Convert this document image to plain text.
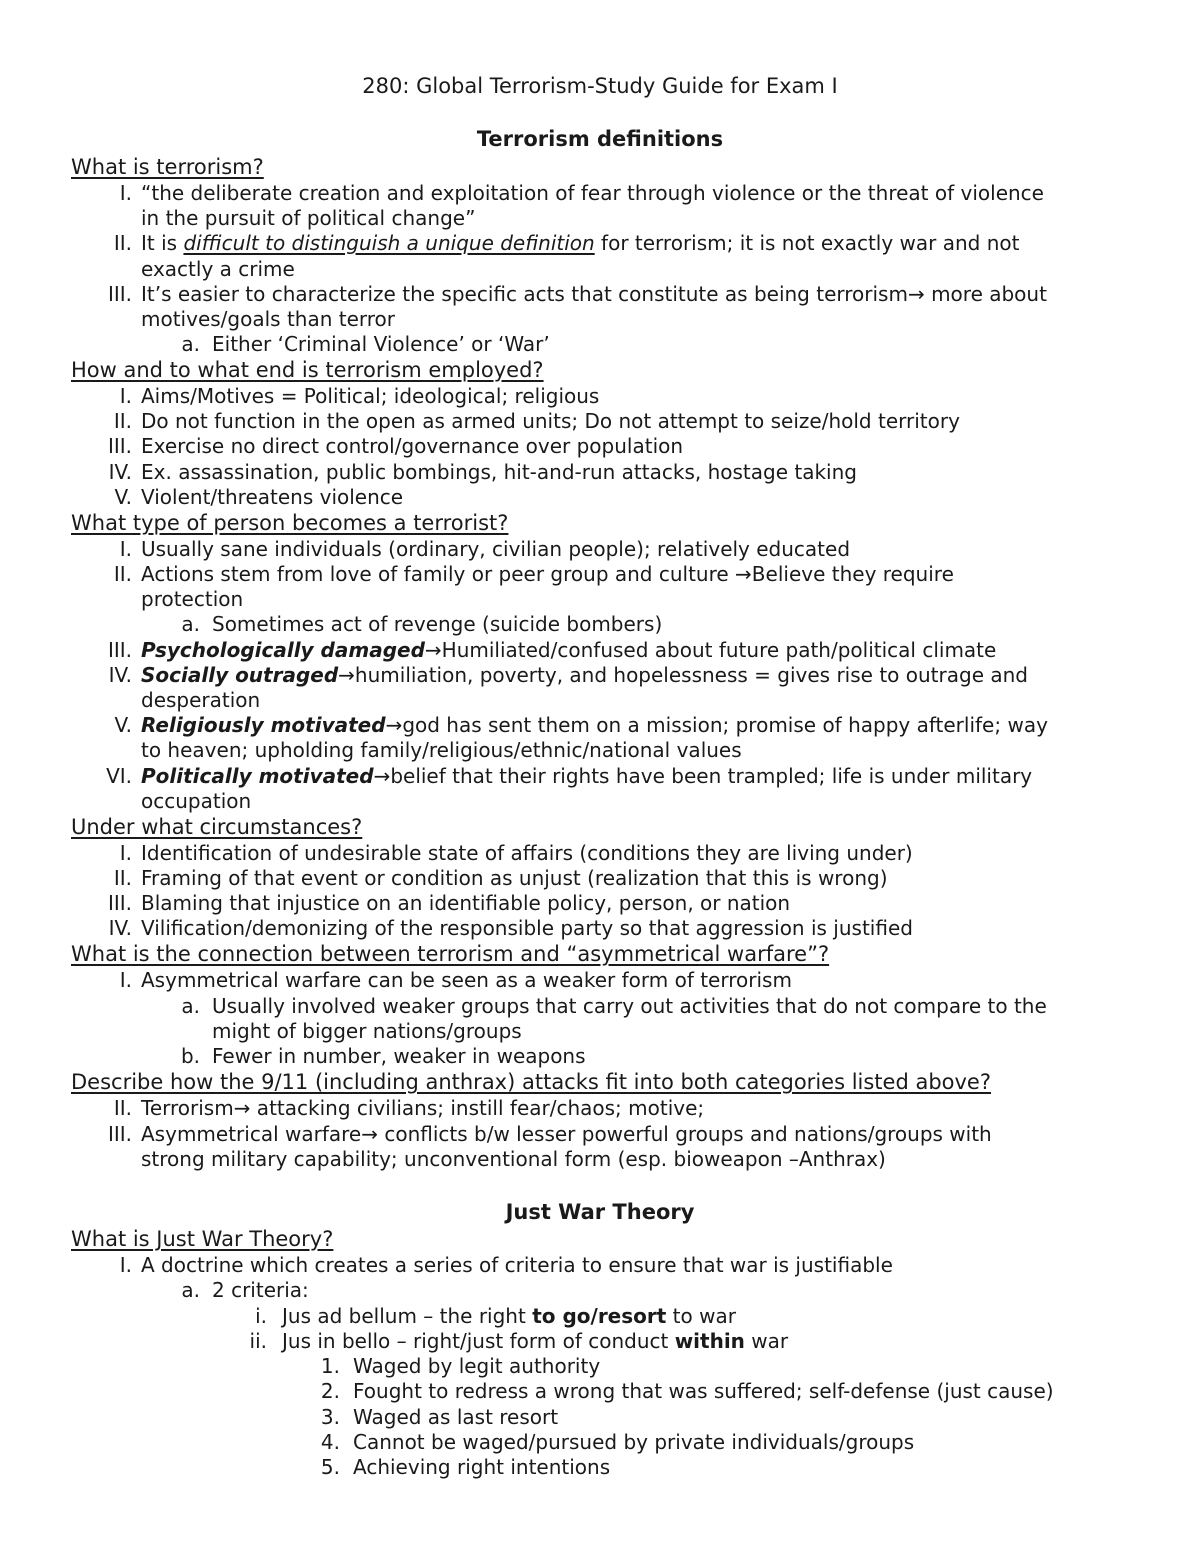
280: Global Terrorism-Study Guide for Exam I
Terrorism definitions
What is terrorism?
I. “the deliberate creation and exploitation of fear through violence or the threat of violence
in the pursuit of political change”
II. It is difficult to distinguish a unique definition for terrorism; it is not exactly war and not
exactly a crime
III. It’s easier to characterize the specific acts that constitute as being terrorism→ more about
motives/goals than terror
a. Either ‘Criminal Violence’ or ‘War’
How and to what end is terrorism employed?
I. Aims/Motives = Political; ideological; religious
II. Do not function in the open as armed units; Do not attempt to seize/hold territory
III. Exercise no direct control/governance over population
IV. Ex. assassination, public bombings, hit-and-run attacks, hostage taking
V. Violent/threatens violence
What type of person becomes a terrorist?
I. Usually sane individuals (ordinary, civilian people); relatively educated
II. Actions stem from love of family or peer group and culture →Believe they require
protection
a. Sometimes act of revenge (suicide bombers)
III. Psychologically damaged→Humiliated/confused about future path/political climate
IV. Socially outraged→humiliation, poverty, and hopelessness = gives rise to outrage and
desperation
V. Religiously motivated→god has sent them on a mission; promise of happy afterlife; way
to heaven; upholding family/religious/ethnic/national values
VI. Politically motivated→belief that their rights have been trampled; life is under military
occupation
Under what circumstances?
I. Identification of undesirable state of affairs (conditions they are living under)
II. Framing of that event or condition as unjust (realization that this is wrong)
III. Blaming that injustice on an identifiable policy, person, or nation
IV. Vilification/demonizing of the responsible party so that aggression is justified
What is the connection between terrorism and “asymmetrical warfare”?
I. Asymmetrical warfare can be seen as a weaker form of terrorism
a. Usually involved weaker groups that carry out activities that do not compare to the
might of bigger nations/groups
b. Fewer in number, weaker in weapons
Describe how the 9/11 (including anthrax) attacks fit into both categories listed above?
II. Terrorism→ attacking civilians; instill fear/chaos; motive;
III. Asymmetrical warfare→ conflicts b/w lesser powerful groups and nations/groups with
strong military capability; unconventional form (esp. bioweapon –Anthrax)
Just War Theory
What is Just War Theory?
I. A doctrine which creates a series of criteria to ensure that war is justifiable
a. 2 criteria:
i. Jus ad bellum – the right to go/resort to war
ii. Jus in bello – right/just form of conduct within war
1. Waged by legit authority
2. Fought to redress a wrong that was suffered; self-defense (just cause)
3. Waged as last resort
4. Cannot be waged/pursued by private individuals/groups
5. Achieving right intentions
